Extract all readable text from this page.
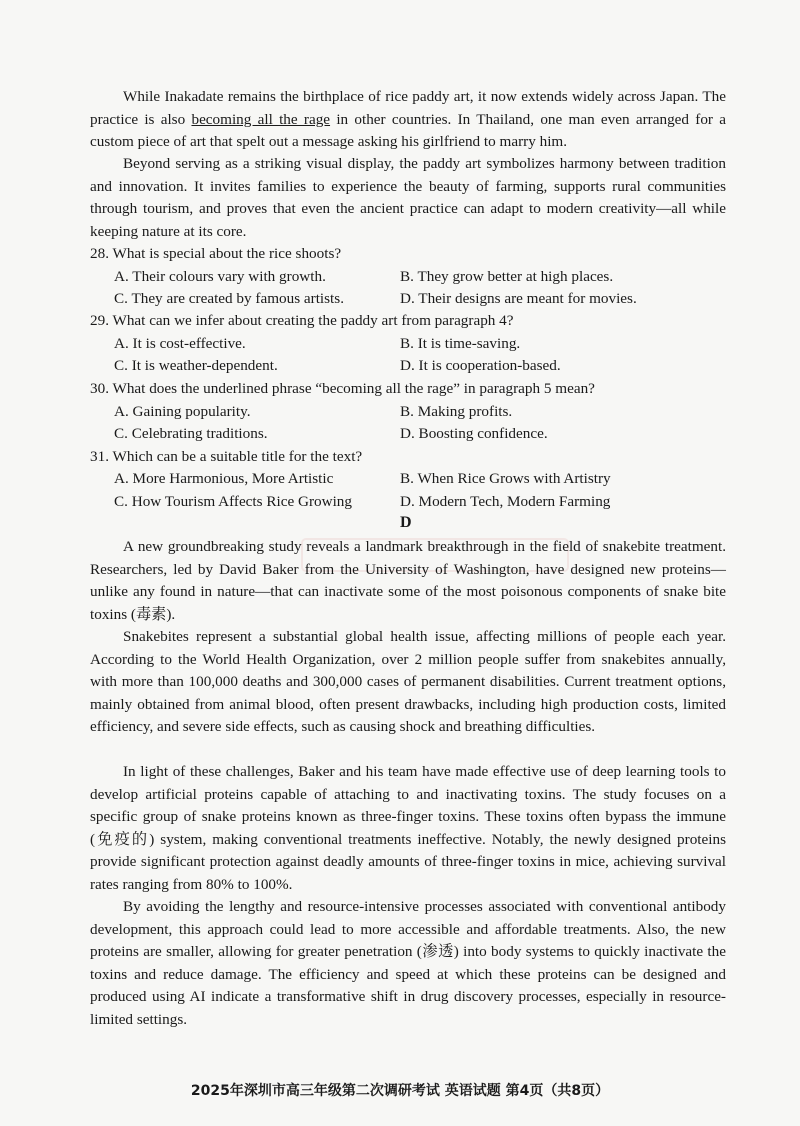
While Inakadate remains the birthplace of rice paddy art, it now extends widely across Japan. The practice is also becoming all the rage in other countries. In Thailand, one man even arranged for a custom piece of art that spelt out a message asking his girlfriend to marry him.

Beyond serving as a striking visual display, the paddy art symbolizes harmony between tradition and innovation. It invites families to experience the beauty of farming, supports rural communities through tourism, and proves that even the ancient practice can adapt to modern creativity—all while keeping nature at its core.

28. What is special about the rice shoots?

A. Their colours vary with growth.	B. They grow better at high places.

C. They are created by famous artists.	D. Their designs are meant for movies.

29. What can we infer about creating the paddy art from paragraph 4?

A. It is cost-effective.	B. It is time-saving.

C. It is weather-dependent.	D. It is cooperation-based.

30. What does the underlined phrase “becoming all the rage” in paragraph 5 mean?

A. Gaining popularity.	B. Making profits.

C. Celebrating traditions.	D. Boosting confidence.

31. Which can be a suitable title for the text?

A. More Harmonious, More Artistic	B. When Rice Grows with Artistry

C. How Tourism Affects Rice Growing	D. Modern Tech, Modern Farming

D

A new groundbreaking study reveals a landmark breakthrough in the field of snakebite treatment. Researchers, led by David Baker from the University of Washington, have designed new proteins—unlike any found in nature—that can inactivate some of the most poisonous components of snake bite toxins (毒素).

Snakebites represent a substantial global health issue, affecting millions of people each year. According to the World Health Organization, over 2 million people suffer from snakebites annually, with more than 100,000 deaths and 300,000 cases of permanent disabilities. Current treatment options, mainly obtained from animal blood, often present drawbacks, including high production costs, limited efficiency, and severe side effects, such as causing shock and breathing difficulties.

In light of these challenges, Baker and his team have made effective use of deep learning tools to develop artificial proteins capable of attaching to and inactivating toxins. The study focuses on a specific group of snake proteins known as three-finger toxins. These toxins often bypass the immune (免疫的) system, making conventional treatments ineffective. Notably, the newly designed proteins provide significant protection against deadly amounts of three-finger toxins in mice, achieving survival rates ranging from 80% to 100%.

By avoiding the lengthy and resource-intensive processes associated with conventional antibody development, this approach could lead to more accessible and affordable treatments. Also, the new proteins are smaller, allowing for greater penetration (渗透) into body systems to quickly inactivate the toxins and reduce damage. The efficiency and speed at which these proteins can be designed and produced using AI indicate a transformative shift in drug discovery processes, especially in resource-limited settings.

2025年深圳市高三年级第二次调研考试 英语试题 第4页（共8页）
